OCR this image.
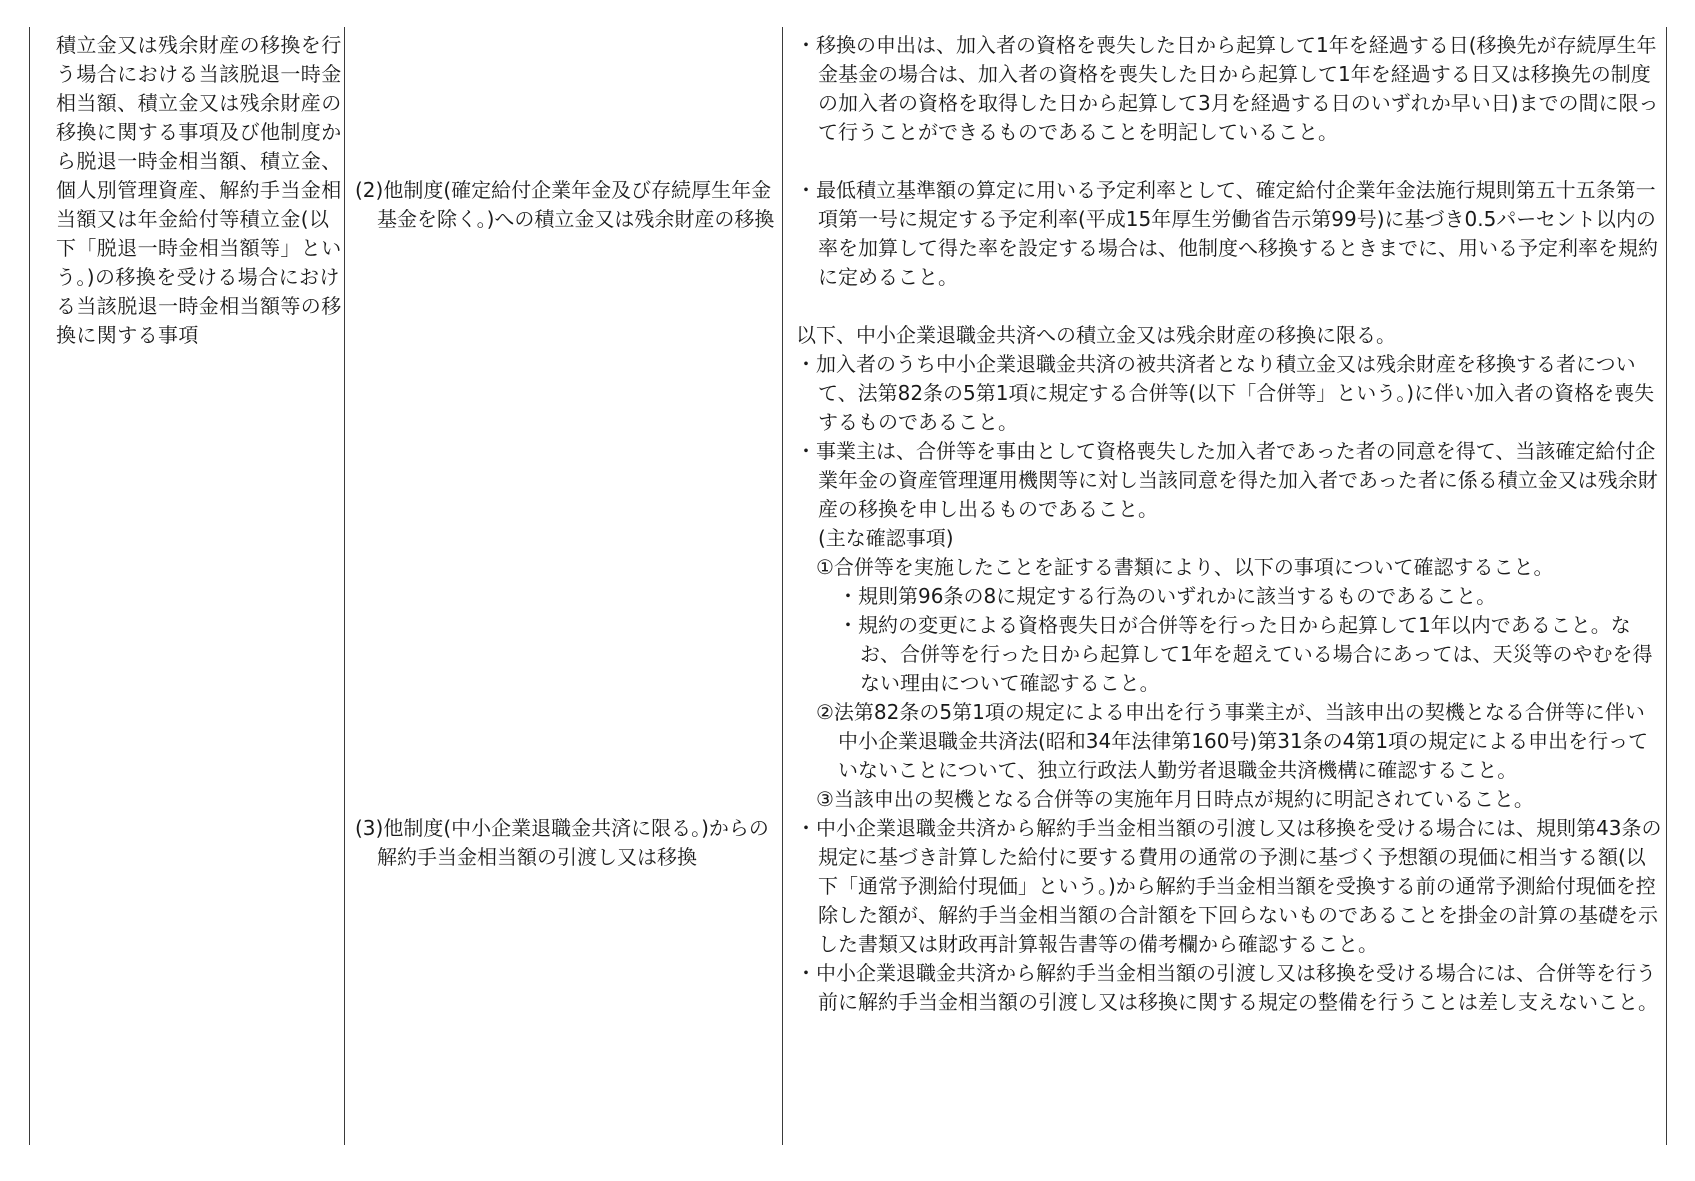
積立金又は残余財産の移換を行う場合における当該脱退一時金相当額、積立金又は残余財産の移換に関する事項及び他制度から脱退一時金相当額、積立金、個人別管理資産、解約手当金相当額又は年金給付等積立金(以下「脱退一時金相当額等」という。)の移換を受ける場合における当該脱退一時金相当額等の移換に関する事項

(2)他制度(確定給付企業年金及び存続厚生年金基金を除く。)への積立金又は残余財産の移換

(3)他制度(中小企業退職金共済に限る。)からの解約手当金相当額の引渡し又は移換

・移換の申出は、加入者の資格を喪失した日から起算して1年を経過する日(移換先が存続厚生年金基金の場合は、加入者の資格を喪失した日から起算して1年を経過する日又は移換先の制度の加入者の資格を取得した日から起算して3月を経過する日のいずれか早い日)までの間に限って行うことができるものであることを明記していること。

・最低積立基準額の算定に用いる予定利率として、確定給付企業年金法施行規則第五十五条第一項第一号に規定する予定利率(平成15年厚生労働省告示第99号)に基づき0.5パーセント以内の率を加算して得た率を設定する場合は、他制度へ移換するときまでに、用いる予定利率を規約に定めること。

以下、中小企業退職金共済への積立金又は残余財産の移換に限る。

・加入者のうち中小企業退職金共済の被共済者となり積立金又は残余財産を移換する者について、法第82条の5第1項に規定する合併等(以下「合併等」という。)に伴い加入者の資格を喪失するものであること。

・事業主は、合併等を事由として資格喪失した加入者であった者の同意を得て、当該確定給付企業年金の資産管理運用機関等に対し当該同意を得た加入者であった者に係る積立金又は残余財産の移換を申し出るものであること。

(主な確認事項)

①合併等を実施したことを証する書類により、以下の事項について確認すること。

・規則第96条の8に規定する行為のいずれかに該当するものであること。

・規約の変更による資格喪失日が合併等を行った日から起算して1年以内であること。なお、合併等を行った日から起算して1年を超えている場合にあっては、天災等のやむを得ない理由について確認すること。

②法第82条の5第1項の規定による申出を行う事業主が、当該申出の契機となる合併等に伴い中小企業退職金共済法(昭和34年法律第160号)第31条の4第1項の規定による申出を行っていないことについて、独立行政法人勤労者退職金共済機構に確認すること。

③当該申出の契機となる合併等の実施年月日時点が規約に明記されていること。

・中小企業退職金共済から解約手当金相当額の引渡し又は移換を受ける場合には、規則第43条の規定に基づき計算した給付に要する費用の通常の予測に基づく予想額の現価に相当する額(以下「通常予測給付現価」という。)から解約手当金相当額を受換する前の通常予測給付現価を控除した額が、解約手当金相当額の合計額を下回らないものであることを掛金の計算の基礎を示した書類又は財政再計算報告書等の備考欄から確認すること。

・中小企業退職金共済から解約手当金相当額の引渡し又は移換を受ける場合には、合併等を行う前に解約手当金相当額の引渡し又は移換に関する規定の整備を行うことは差し支えないこと。
